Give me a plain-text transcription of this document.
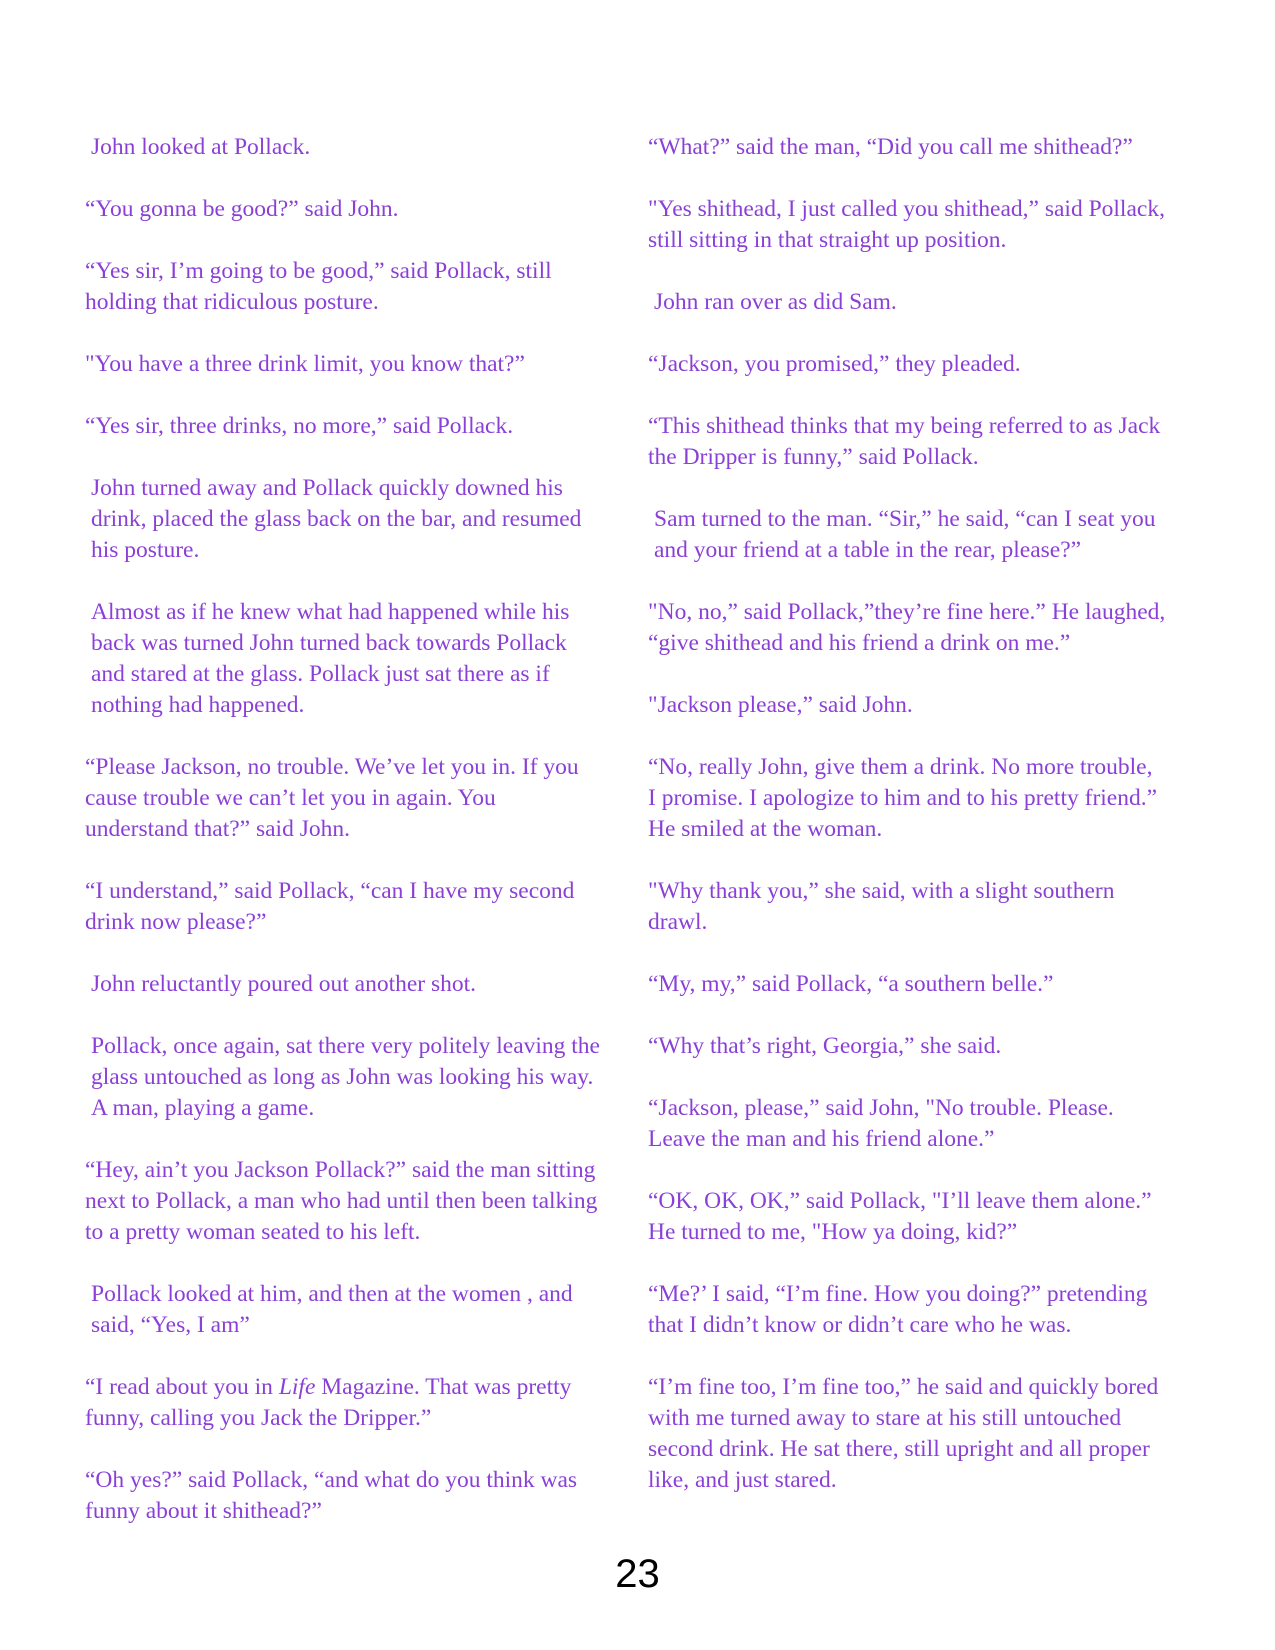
John looked at Pollack.

“You gonna be good?” said John.

“Yes sir, I’m going to be good,” said Pollack, still
holding that ridiculous posture.

"You have a three drink limit, you know that?”

“Yes sir, three drinks, no more,” said Pollack.

John turned away and Pollack quickly downed his
drink, placed the glass back on the bar, and resumed
his posture.

Almost as if he knew what had happened while his
back was turned John turned back towards Pollack
and stared at the glass. Pollack just sat there as if
nothing had happened.

“Please Jackson, no trouble. We’ve let you in. If you
cause trouble we can’t let you in again. You
understand that?” said John.

“I understand,” said Pollack, “can I have my second
drink now please?”

John reluctantly poured out another shot.

Pollack, once again, sat there very politely leaving the
glass untouched as long as John was looking his way.
A man, playing a game.

“Hey, ain’t you Jackson Pollack?” said the man sitting
next to Pollack, a man who had until then been talking
to a pretty woman seated to his left.

Pollack looked at him, and then at the women , and
said, “Yes, I am”

“I read about you in Life Magazine. That was pretty
funny, calling you Jack the Dripper.”

“Oh yes?” said Pollack, “and what do you think was
funny about it shithead?”

“What?” said the man, “Did you call me shithead?”

"Yes shithead, I just called you shithead,” said Pollack,
still sitting in that straight up position.

John ran over as did Sam.

“Jackson, you promised,” they pleaded.

“This shithead thinks that my being referred to as Jack
the Dripper is funny,” said Pollack.

Sam turned to the man. “Sir,” he said, “can I seat you
and your friend at a table in the rear, please?”

"No, no,” said Pollack,”they’re fine here.” He laughed,
“give shithead and his friend a drink on me.”

"Jackson please,” said John.

“No, really John, give them a drink. No more trouble,
I promise. I apologize to him and to his pretty friend.”
He smiled at the woman.

"Why thank you,” she said, with a slight southern
drawl.

“My, my,” said Pollack, “a southern belle.”

“Why that’s right, Georgia,” she said.

“Jackson, please,” said John, "No trouble. Please.
Leave the man and his friend alone.”

“OK, OK, OK,” said Pollack, "I’ll leave them alone.”
He turned to me, "How ya doing, kid?”

“Me?’ I said, “I’m fine. How you doing?” pretending
that I didn’t know or didn’t care who he was.

“I’m fine too, I’m fine too,” he said and quickly bored
with me turned away to stare at his still untouched
second drink. He sat there, still upright and all proper
like, and just stared.

23
